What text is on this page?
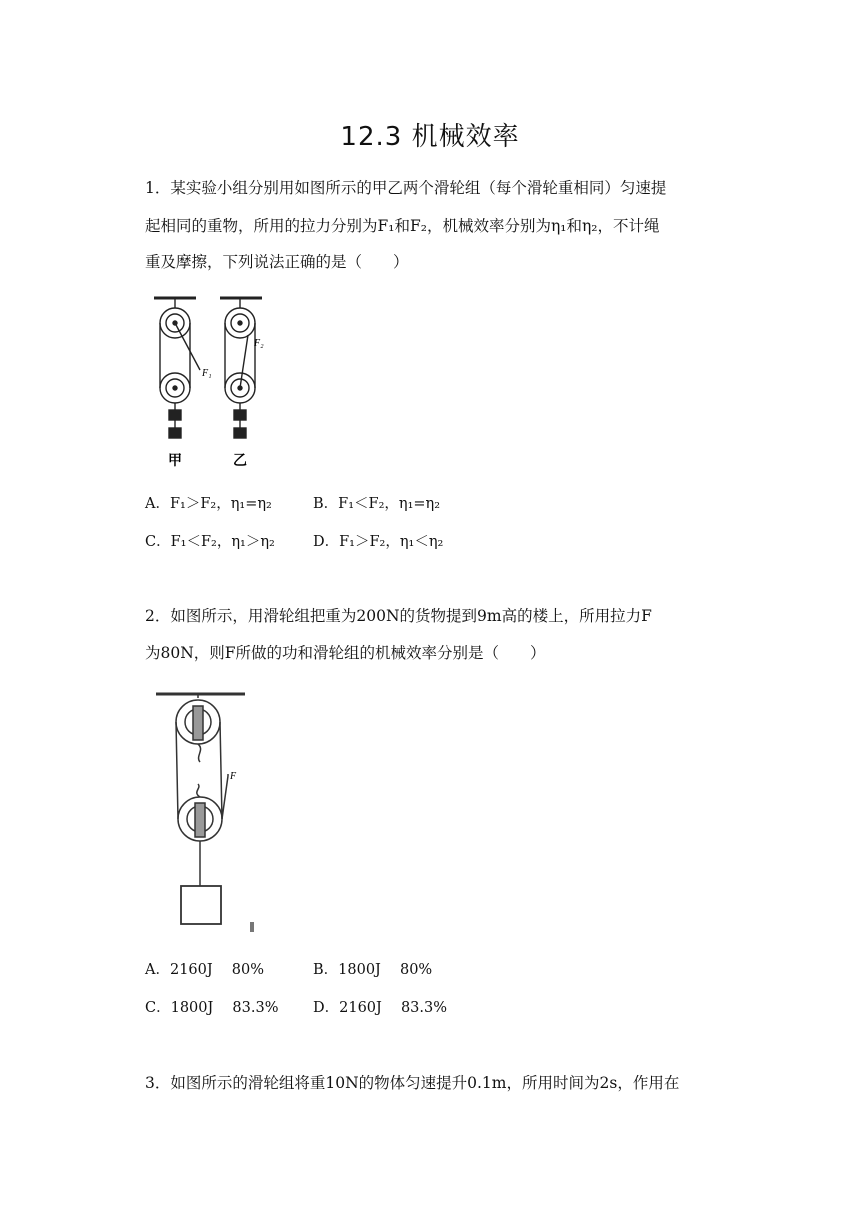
12.3 机械效率
1．某实验小组分别用如图所示的甲乙两个滑轮组（每个滑轮重相同）匀速提
起相同的重物，所用的拉力分别为F₁和F₂，机械效率分别为η₁和η₂，不计绳
重及摩擦，下列说法正确的是（　　）
F₁
F₂
甲	乙
A．F₁＞F₂，η₁=η₂	B．F₁＜F₂，η₁=η₂
C．F₁＜F₂，η₁＞η₂	D．F₁＞F₂，η₁＜η₂
2．如图所示，用滑轮组把重为200N的货物提到9m高的楼上，所用拉力F
为80N，则F所做的功和滑轮组的机械效率分别是（　　）
F
A．2160J　 80%	B．1800J　 80%
C．1800J　 83.3% D．2160J　 83.3%
3．如图所示的滑轮组将重10N的物体匀速提升0.1m，所用时间为2s，作用在
